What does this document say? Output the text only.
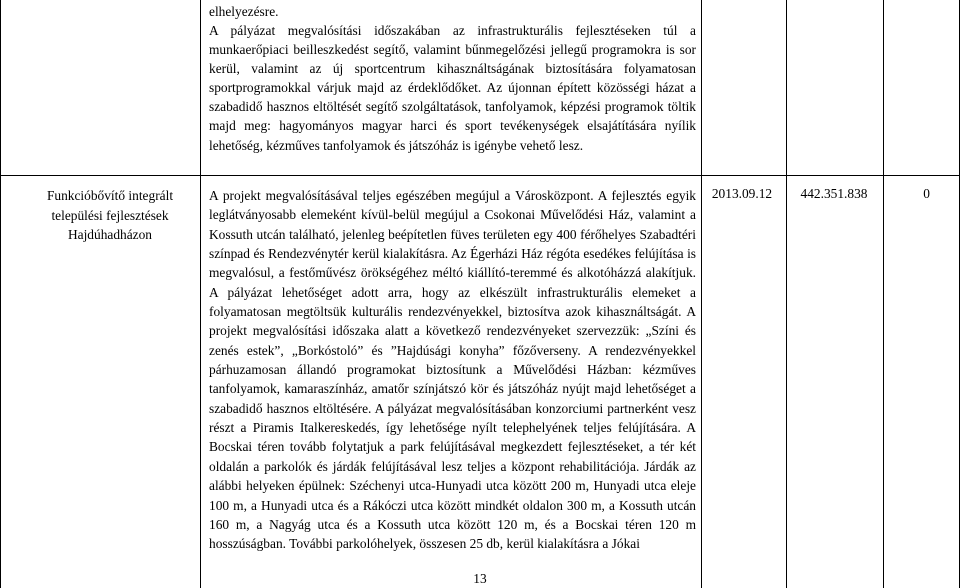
elhelyezésre.

A pályázat megvalósítási időszakában az infrastrukturális fejlesztéseken túl a munkaerőpiaci beilleszkedést segítő, valamint bűnmegelőzési jellegű programokra is sor kerül, valamint az új sportcentrum kihasználtságának biztosítására folyamatosan sportprogramokkal várjuk majd az érdeklődőket. Az újonnan épített közösségi házat a szabadidő hasznos eltöltését segítő szolgáltatások, tanfolyamok, képzési programok töltik majd meg: hagyományos magyar harci és sport tevékenységek elsajátítására nyílik lehetőség, kézműves tanfolyamok és játszóház is igénybe vehető lesz.

Funkcióbővítő integrált települési fejlesztések Hajdúhadházon

A projekt megvalósításával teljes egészében megújul a Városközpont. A fejlesztés egyik leglátványosabb elemeként kívül-belül megújul a Csokonai Művelődési Ház, valamint a Kossuth utcán található, jelenleg beépítetlen füves területen egy 400 férőhelyes Szabadtéri színpad és Rendezvénytér kerül kialakításra. Az Égerházi Ház régóta esedékes felújítása is megvalósul, a festőművész örökségéhez méltó kiállító-teremmé és alkotóházzá alakítjuk. A pályázat lehetőséget adott arra, hogy az elkészült infrastrukturális elemeket a folyamatosan megtöltsük kulturális rendezvényekkel, biztosítva azok kihasználtságát. A projekt megvalósítási időszaka alatt a következő rendezvényeket szervezzük: „Színi és zenés estek”, „Borkóstoló” és ”Hajdúsági konyha” főzőverseny. A rendezvényekkel párhuzamosan állandó programokat biztosítunk a Művelődési Házban: kézműves tanfolyamok, kamaraszínház, amatőr színjátszó kör és játszóház nyújt majd lehetőséget a szabadidő hasznos eltöltésére. A pályázat megvalósításában konzorciumi partnerként vesz részt a Piramis Italkereskedés, így lehetősége nyílt telephelyének teljes felújítására. A Bocskai téren tovább folytatjuk a park felújításával megkezdett fejlesztéseket, a tér két oldalán a parkolók és járdák felújításával lesz teljes a központ rehabilitációja. Járdák az alábbi helyeken épülnek: Széchenyi utca-Hunyadi utca között 200 m, Hunyadi utca eleje 100 m, a Hunyadi utca és a Rákóczi utca között mindkét oldalon 300 m, a Kossuth utcán 160 m, a Nagyág utca és a Kossuth utca között 120 m, és a Bocskai téren 120 m hosszúságban. További parkolóhelyek, összesen 25 db, kerül kialakításra a Jókai

2013.09.12	442.351.838	0
13
